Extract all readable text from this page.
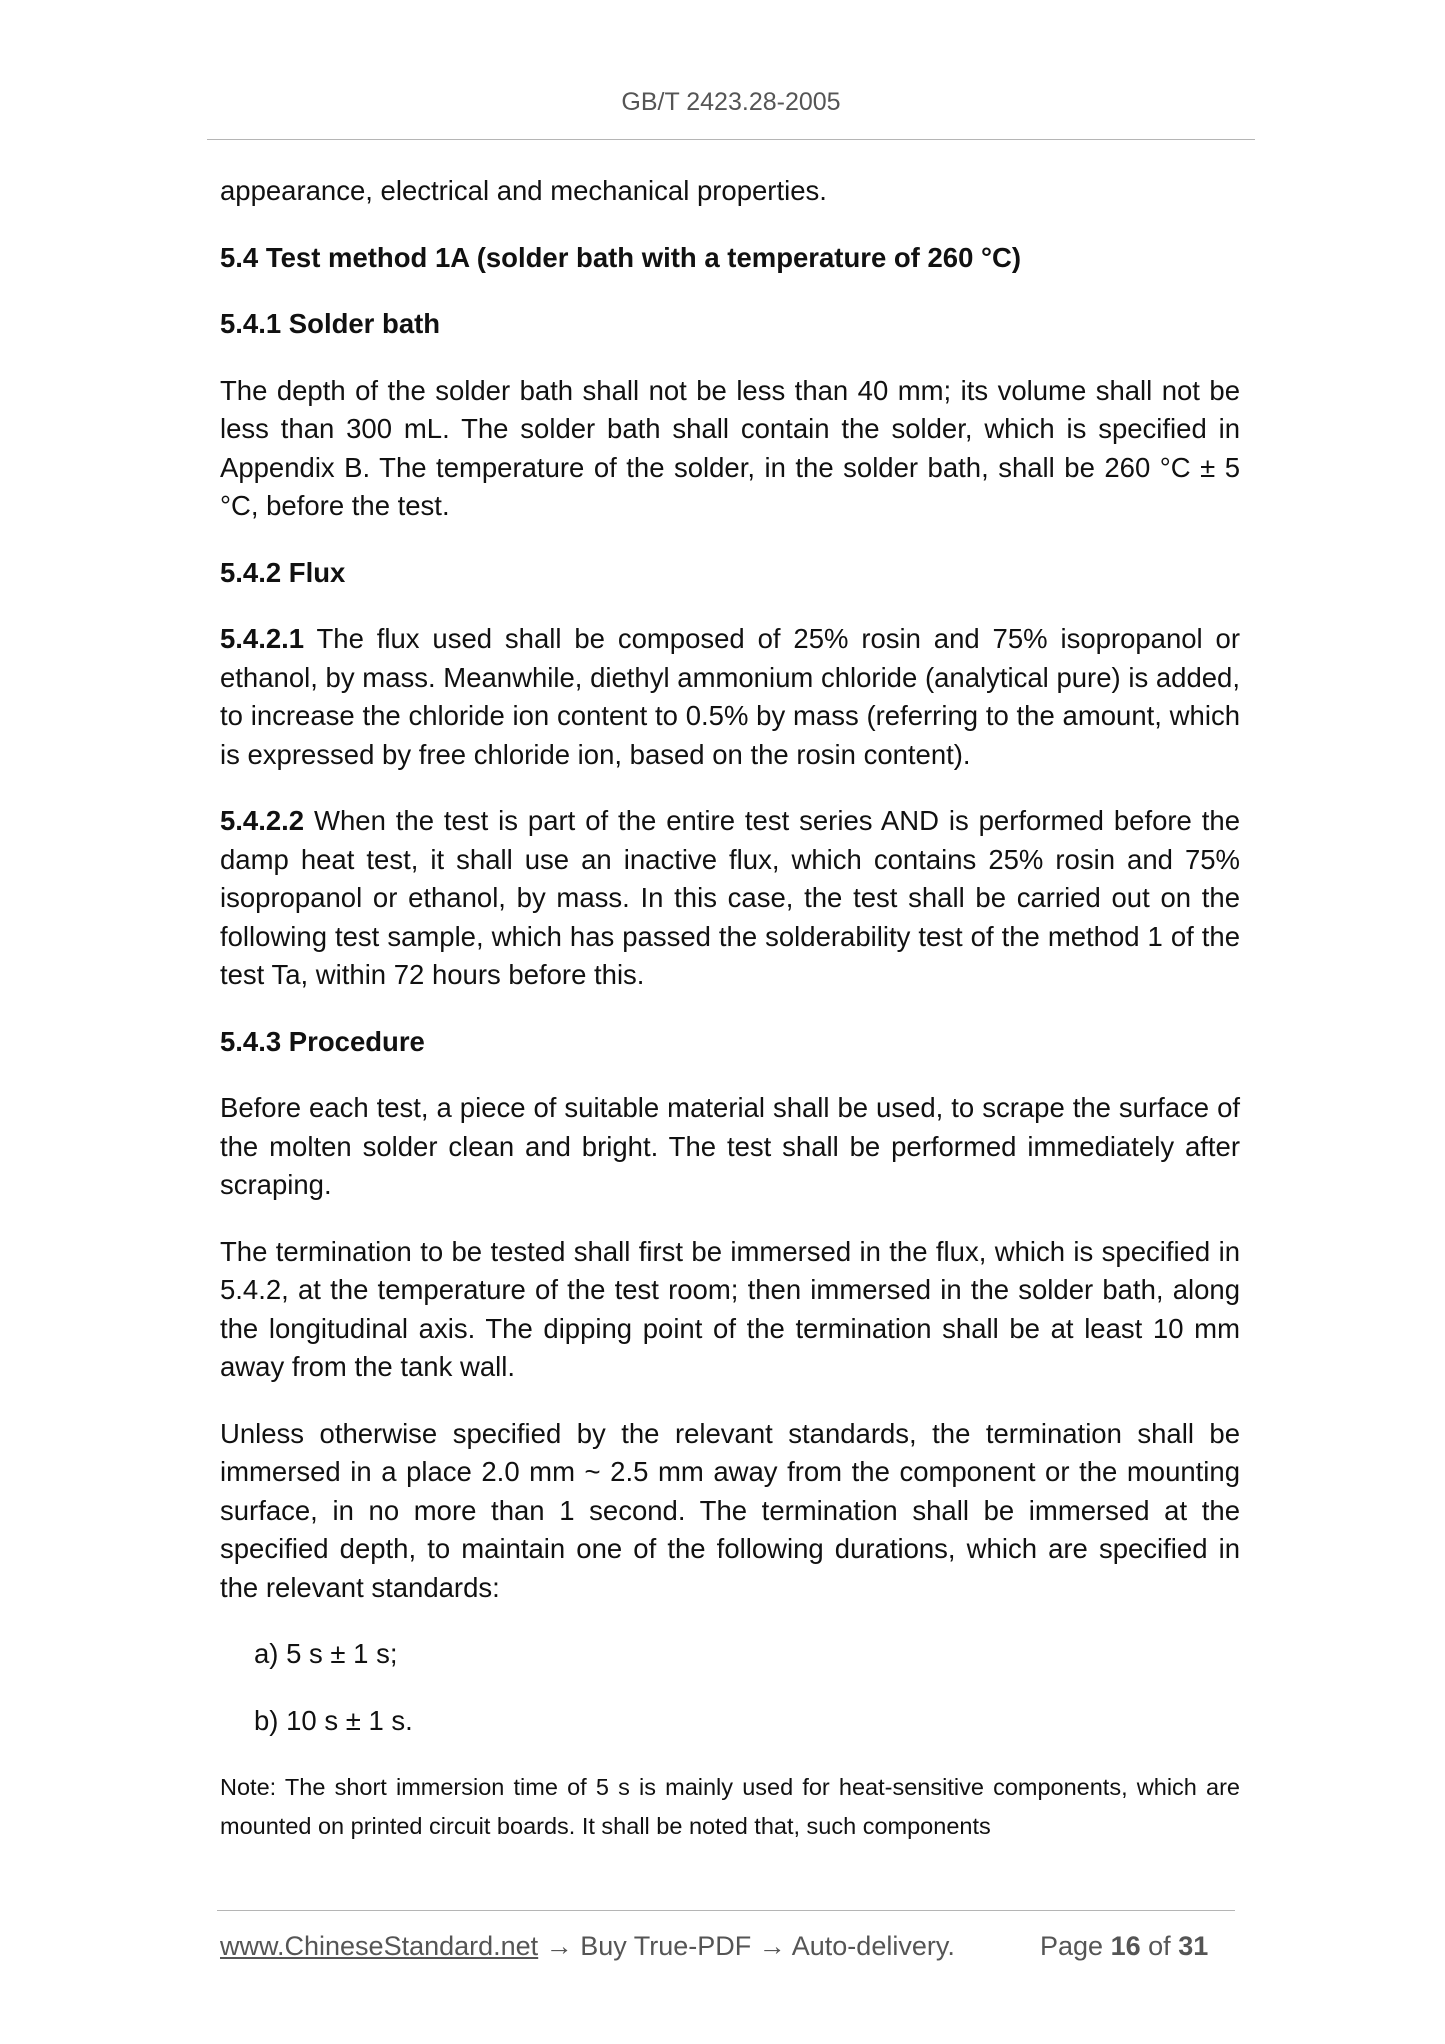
GB/T 2423.28-2005

appearance, electrical and mechanical properties.

5.4 Test method 1A (solder bath with a temperature of 260 °C)

5.4.1 Solder bath

The depth of the solder bath shall not be less than 40 mm; its volume shall not be less than 300 mL. The solder bath shall contain the solder, which is specified in Appendix B. The temperature of the solder, in the solder bath, shall be 260 °C ± 5 °C, before the test.

5.4.2 Flux

5.4.2.1 The flux used shall be composed of 25% rosin and 75% isopropanol or ethanol, by mass. Meanwhile, diethyl ammonium chloride (analytical pure) is added, to increase the chloride ion content to 0.5% by mass (referring to the amount, which is expressed by free chloride ion, based on the rosin content).

5.4.2.2 When the test is part of the entire test series AND is performed before the damp heat test, it shall use an inactive flux, which contains 25% rosin and 75% isopropanol or ethanol, by mass. In this case, the test shall be carried out on the following test sample, which has passed the solderability test of the method 1 of the test Ta, within 72 hours before this.

5.4.3 Procedure

Before each test, a piece of suitable material shall be used, to scrape the surface of the molten solder clean and bright. The test shall be performed immediately after scraping.

The termination to be tested shall first be immersed in the flux, which is specified in 5.4.2, at the temperature of the test room; then immersed in the solder bath, along the longitudinal axis. The dipping point of the termination shall be at least 10 mm away from the tank wall.

Unless otherwise specified by the relevant standards, the termination shall be immersed in a place 2.0 mm ~ 2.5 mm away from the component or the mounting surface, in no more than 1 second. The termination shall be immersed at the specified depth, to maintain one of the following durations, which are specified in the relevant standards:

a) 5 s ± 1 s;

b) 10 s ± 1 s.

Note: The short immersion time of 5 s is mainly used for heat-sensitive components, which are mounted on printed circuit boards. It shall be noted that, such components

www.ChineseStandard.net → Buy True-PDF → Auto-delivery.	Page 16 of 31
